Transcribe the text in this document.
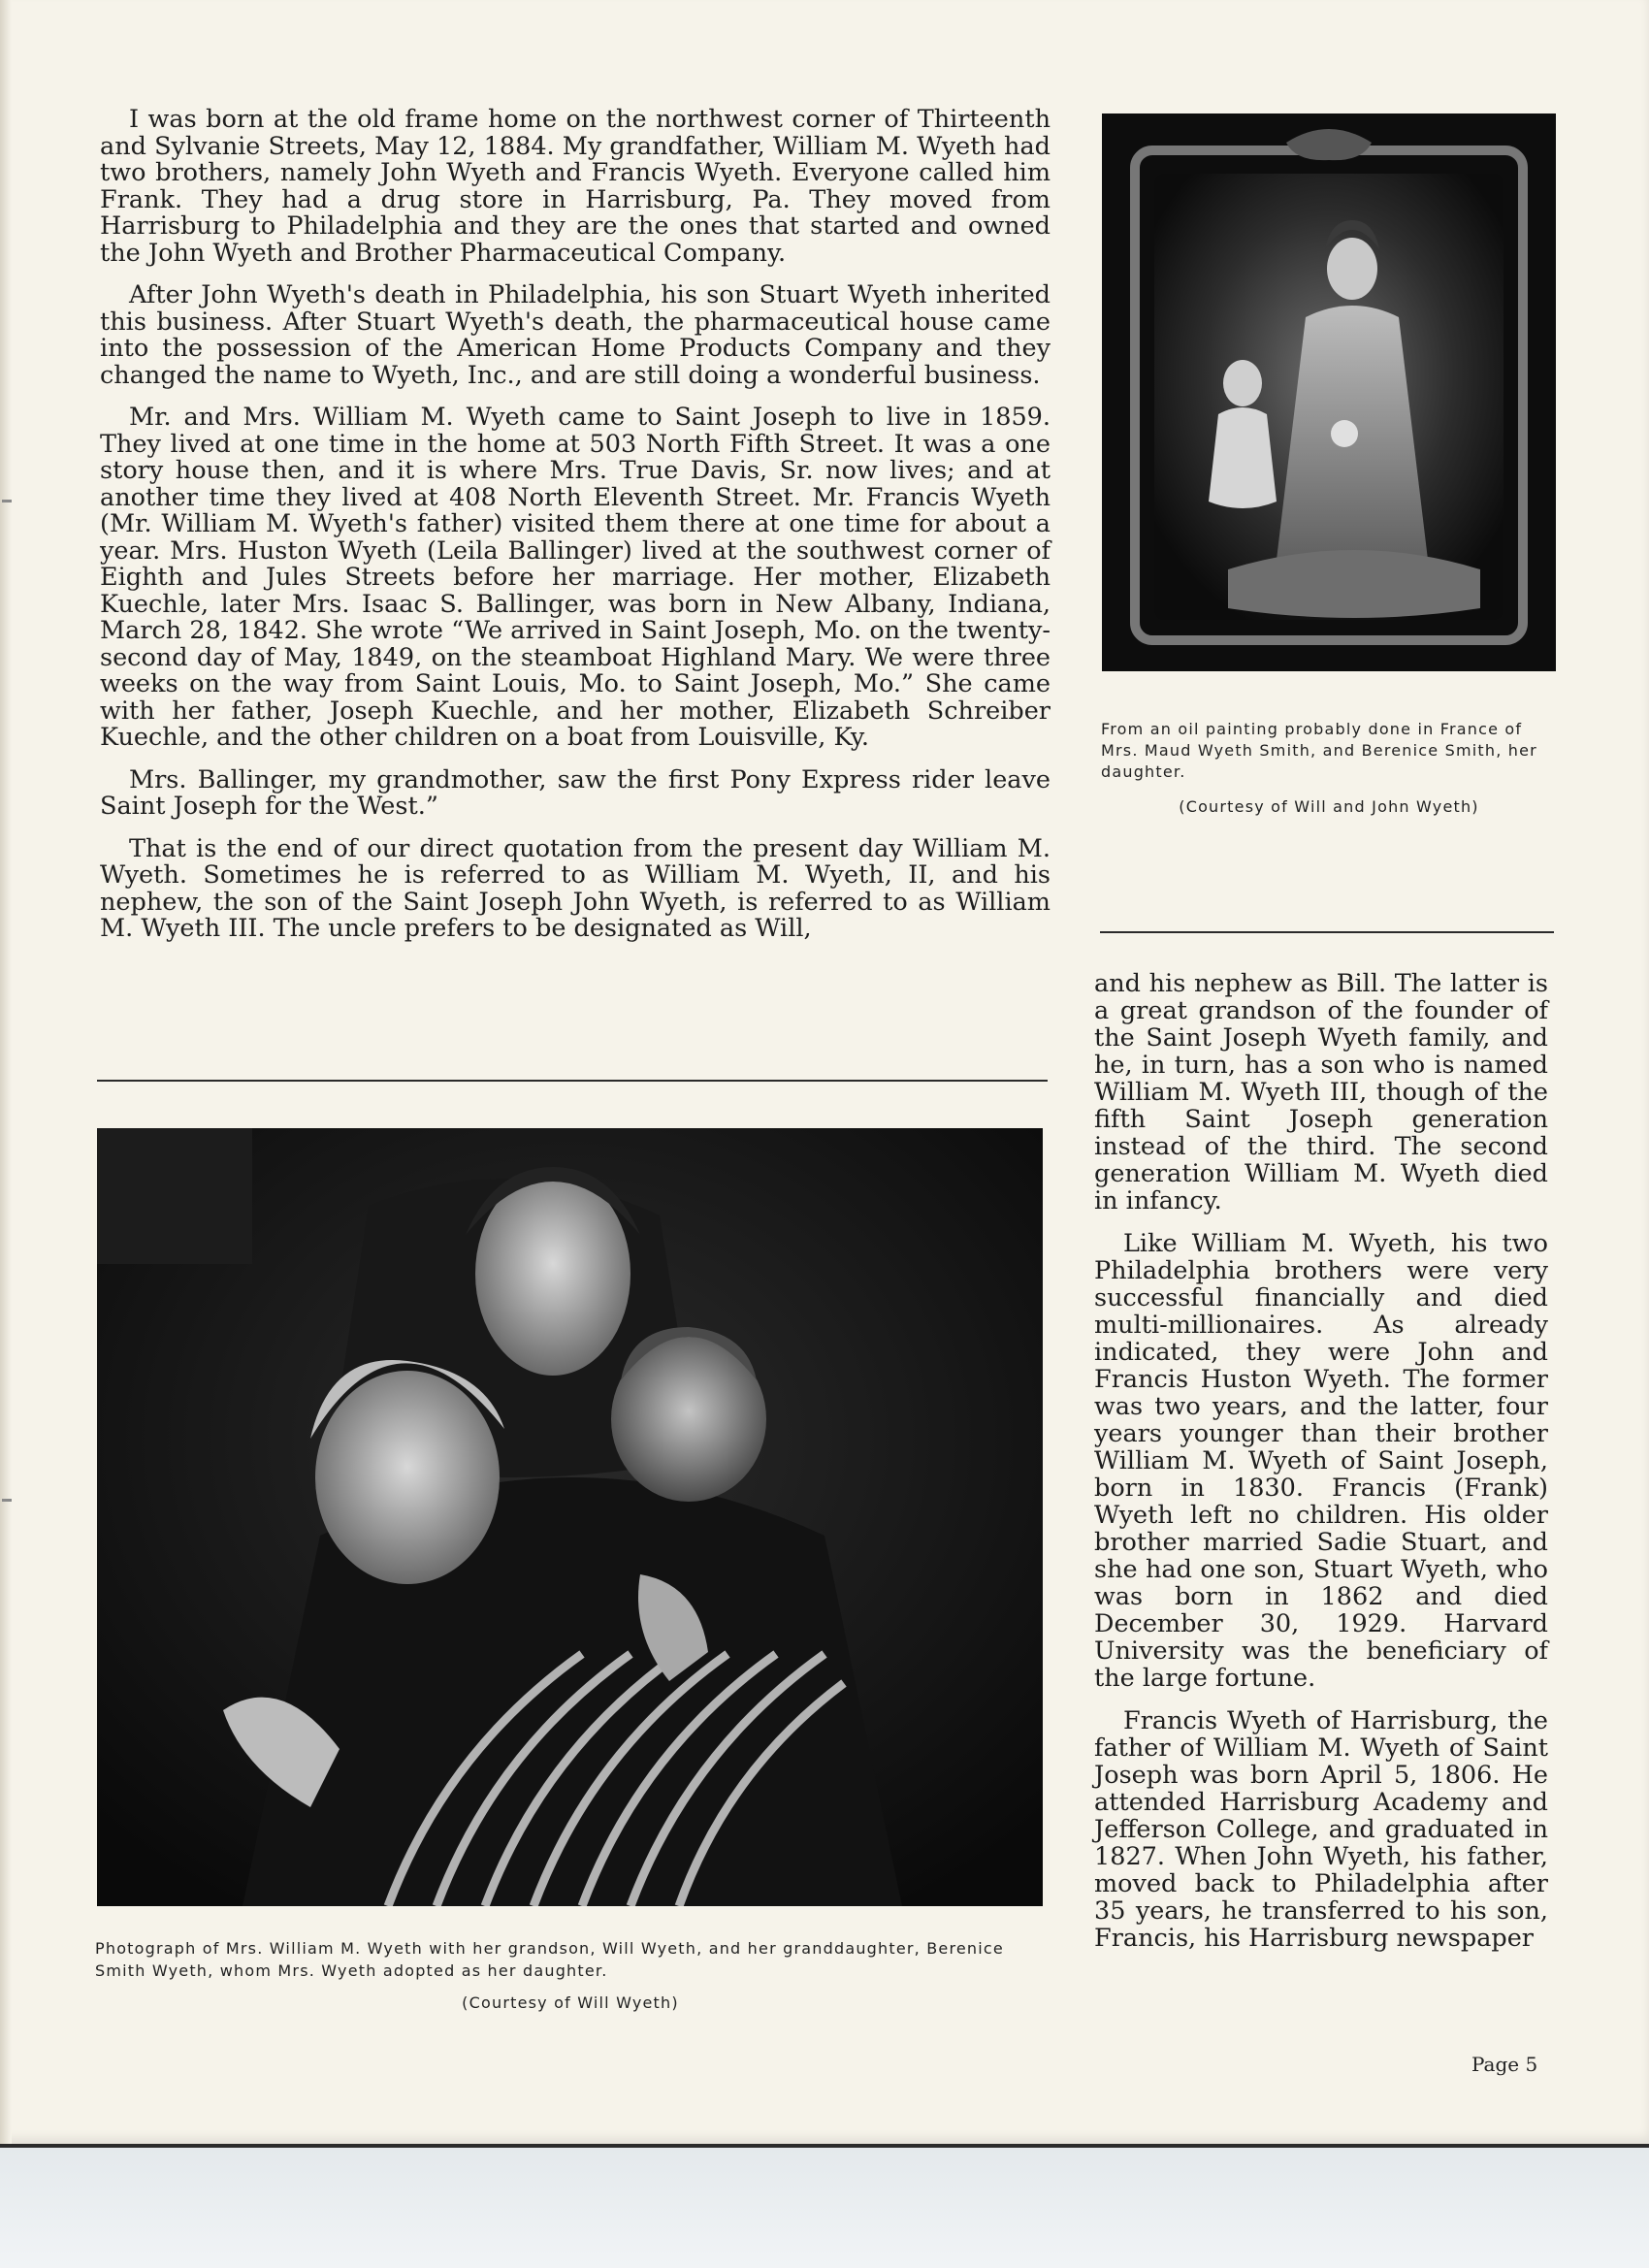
I was born at the old frame home on the northwest corner of Thirteenth and Sylvanie Streets, May 12, 1884. My grandfather, William M. Wyeth had two brothers, namely John Wyeth and Francis Wyeth. Everyone called him Frank. They had a drug store in Harrisburg, Pa. They moved from Harrisburg to Philadelphia and they are the ones that started and owned the John Wyeth and Brother Pharmaceutical Company.

After John Wyeth's death in Philadelphia, his son Stuart Wyeth inherited this business. After Stuart Wyeth's death, the pharmaceutical house came into the possession of the American Home Products Company and they changed the name to Wyeth, Inc., and are still doing a wonderful business.

Mr. and Mrs. William M. Wyeth came to Saint Joseph to live in 1859. They lived at one time in the home at 503 North Fifth Street. It was a one story house then, and it is where Mrs. True Davis, Sr. now lives; and at another time they lived at 408 North Eleventh Street. Mr. Francis Wyeth (Mr. William M. Wyeth's father) visited them there at one time for about a year. Mrs. Huston Wyeth (Leila Ballinger) lived at the southwest corner of Eighth and Jules Streets before her marriage. Her mother, Elizabeth Kuechle, later Mrs. Isaac S. Ballinger, was born in New Albany, Indiana, March 28, 1842. She wrote “We arrived in Saint Joseph, Mo. on the twenty-second day of May, 1849, on the steamboat Highland Mary. We were three weeks on the way from Saint Louis, Mo. to Saint Joseph, Mo.” She came with her father, Joseph Kuechle, and her mother, Elizabeth Schreiber Kuechle, and the other children on a boat from Louisville, Ky.

Mrs. Ballinger, my grandmother, saw the first Pony Express rider leave Saint Joseph for the West.”

That is the end of our direct quotation from the present day William M. Wyeth. Sometimes he is referred to as William M. Wyeth, II, and his nephew, the son of the Saint Joseph John Wyeth, is referred to as William M. Wyeth III. The uncle prefers to be designated as Will,

From an oil painting probably done in France of Mrs. Maud Wyeth Smith, and Berenice Smith, her daughter.

(Courtesy of Will and John Wyeth)

and his nephew as Bill. The latter is a great grandson of the founder of the Saint Joseph Wyeth family, and he, in turn, has a son who is named William M. Wyeth III, though of the fifth Saint Joseph generation instead of the third. The second generation William M. Wyeth died in infancy.

Like William M. Wyeth, his two Philadelphia brothers were very successful financially and died multi-millionaires. As already indicated, they were John and Francis Huston Wyeth. The former was two years, and the latter, four years younger than their brother William M. Wyeth of Saint Joseph, born in 1830. Francis (Frank) Wyeth left no children. His older brother married Sadie Stuart, and she had one son, Stuart Wyeth, who was born in 1862 and died December 30, 1929. Harvard University was the beneficiary of the large fortune.

Francis Wyeth of Harrisburg, the father of William M. Wyeth of Saint Joseph was born April 5, 1806. He attended Harrisburg Academy and Jefferson College, and graduated in 1827. When John Wyeth, his father, moved back to Philadelphia after 35 years, he transferred to his son, Francis, his Harrisburg newspaper

Photograph of Mrs. William M. Wyeth with her grandson, Will Wyeth, and her granddaughter, Berenice Smith Wyeth, whom Mrs. Wyeth adopted as her daughter.

(Courtesy of Will Wyeth)

Page 5
